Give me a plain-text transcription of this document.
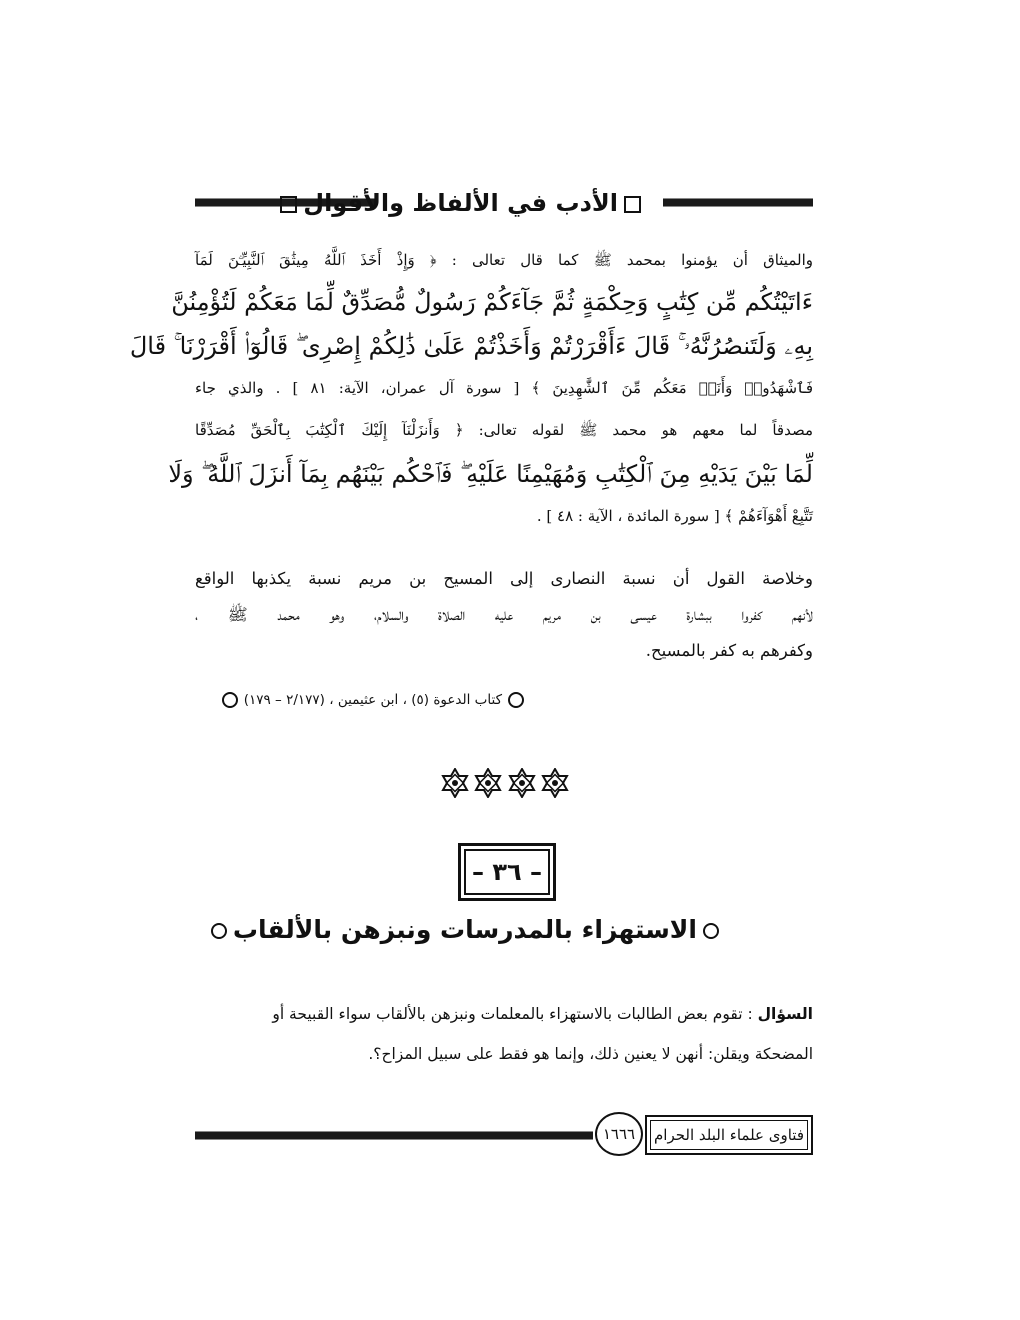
الأدب في الألفاظ والأقوال
والميثاق أن يؤمنوا بمحمد ﷺ كما قال تعالى : ﴿ وَإِذْ أَخَذَ ٱللَّهُ مِيثَٰقَ ٱلنَّبِيِّـۧنَ لَمَآ
ءَاتَيْتُكُم مِّن كِتَٰبٍ وَحِكْمَةٍ ثُمَّ جَآءَكُمْ رَسُولٌ مُّصَدِّقٌ لِّمَا مَعَكُمْ لَتُؤْمِنُنَّ
بِهِۦ وَلَتَنصُرُنَّهُۥ ۚ قَالَ ءَأَقْرَرْتُمْ وَأَخَذْتُمْ عَلَىٰ ذَٰلِكُمْ إِصْرِى ۖ قَالُوٓا۟ أَقْرَرْنَا ۚ قَالَ
فَٱشْهَدُوا۟ وَأَنَا۠ مَعَكُم مِّنَ ٱلشَّٰهِدِينَ ﴾ [ سورة آل عمران، الآية: ٨١ ] . والذي جاء
مصدقاً لما معهم هو محمد ﷺ لقوله تعالى: ﴿ وَأَنزَلْنَآ إِلَيْكَ ٱلْكِتَٰبَ بِٱلْحَقِّ مُصَدِّقًا
لِّمَا بَيْنَ يَدَيْهِ مِنَ ٱلْكِتَٰبِ وَمُهَيْمِنًا عَلَيْهِ ۖ فَٱحْكُم بَيْنَهُم بِمَآ أَنزَلَ ٱللَّهُ ۖ وَلَا
تَتَّبِعْ أَهْوَآءَهُمْ ﴾ [ سورة المائدة ، الآية : ٤٨ ] .
وخلاصة القول أن نسبة النصارى إلى المسيح بن مريم نسبة يكذبها الواقع
لأنهم كفروا ببشارة عيسى بن مريم عليه الصلاة والسلام، وهو محمد ﷺ ،
وكفرهم به كفر بالمسيح.
كتاب الدعوة (٥) ، ابن عثيمين ، (٢/١٧٧ – ١٧٩)
– ٣٦ –
الاستهزاء بالمدرسات ونبزهن بالألقاب
السؤال : تقوم بعض الطالبات بالاستهزاء بالمعلمات ونبزهن بالألقاب سواء القبيحة أو
المضحكة ويقلن: أنهن لا يعنين ذلك، وإنما هو فقط على سبيل المزاح؟.
١٦٦٦	فتاوى علماء البلد الحرام
